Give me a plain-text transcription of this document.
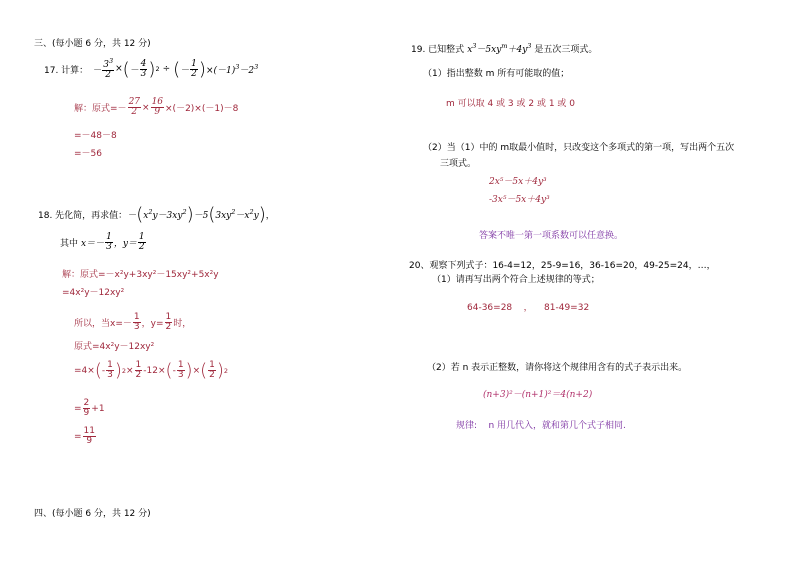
三、(每小题 6 分，共 12 分)
17. 计算： － $\frac{3^3}{2}$ × ( － $\frac{4}{3}$ ) 2 ÷ ( － $\frac{1}{2}$ ) $\times(-1)^3-2^3$
解：原式= － $\frac{27}{2} \times \frac{16}{9} \times(-2)\times(-1)-8$
=－48－8
=－56
18. 先化简，再求值： － ( $x^2y-3xy^2$ ) －5 ( $3xy^2-x^2y$ ) ，
其中 $x=- \frac{1}{3}$ ，$y= \frac{1}{2}$
解：原式=－x²y+3xy²－15xy²+5x²y
=4x²y－12xy²
所以，当$x= - \frac{1}{3}$ ，$y= \frac{1}{2}$ 时，
原式=4x²y－12xy²
=4× ( - $\frac{1}{3}$ ) $2 \times \frac{1}{2} -12\times$ ( - $\frac{1}{3}$ ) × ( $\frac{1}{2}$ ) 2
= $\frac{2}{9} +1$
= $\frac{11}{9}$
四、(每小题 6 分，共 12 分)
19. 已知整式 $x^3-5xy^m+4y^3$ 是五次三项式。
（1）指出整数 m 所有可能取的值；
m 可以取 4 或 3 或 2 或 1 或 0
（2）当（1）中的 m取最小值时，只改变这个多项式的第一项，写出两个五次
三项式。
2x⁵－5x＋4y³
-3x⁵－5x＋4y³
答案不唯一第一项系数可以任意换。
20、观察下列式子：16-4=12，25-9=16，36-16=20，49-25=24，…，
（1）请再写出两个符合上述规律的等式；
64-36=28    ，    81-49=32
（2）若 n 表示正整数，请你将这个规律用含有的式子表示出来。
(n+3)²－(n+1)²＝4(n+2)
规律:    n 用几代入，就和第几个式子相同.
